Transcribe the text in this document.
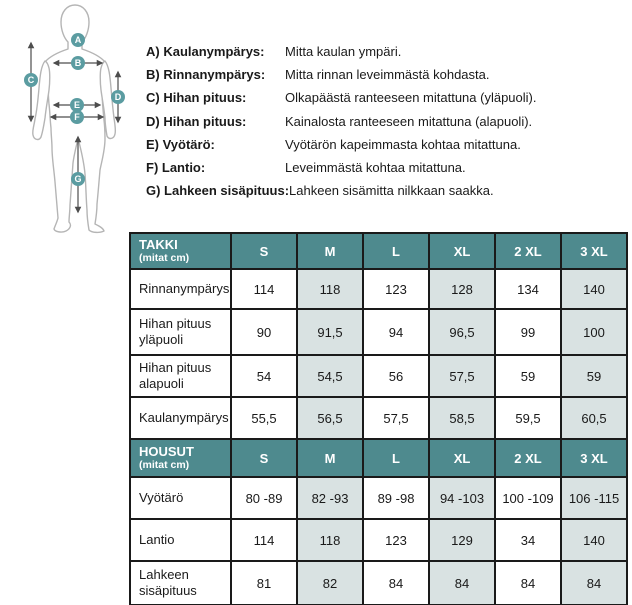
A
B
C
D
E
F
G
A) Kaulanympärys:	Mitta kaulan ympäri.
B) Rinnanympärys:	Mitta rinnan leveimmästä kohdasta.
C) Hihan pituus:	Olkapäästä ranteeseen mitattuna (yläpuoli).
D) Hihan pituus:	Kainalosta ranteeseen mitattuna (alapuoli).
E) Vyötärö:	Vyötärön kapeimmasta kohtaa mitattuna.
F) Lantio:	Leveimmästä kohtaa mitattuna.
G) Lahkeen sisäpituus: Lahkeen sisämitta nilkkaan saakka.
TAKKI
(mitat cm)	S	M	L	XL	2 XL	3 XL
Rinnanympärys	114	118	123	128	134	140
Hihan pituus yläpuoli	90	91,5	94	96,5	99	100
Hihan pituus alapuoli	54	54,5	56	57,5	59	59
Kaulanympärys	55,5	56,5	57,5	58,5	59,5	60,5
HOUSUT
(mitat cm)	S	M	L	XL	2 XL	3 XL
Vyötärö	80 -89	82 -93	89 -98	94 -103	100 -109	106 -115
Lantio	114	118	123	129	34	140
Lahkeen sisäpituus	81	82	84	84	84	84
